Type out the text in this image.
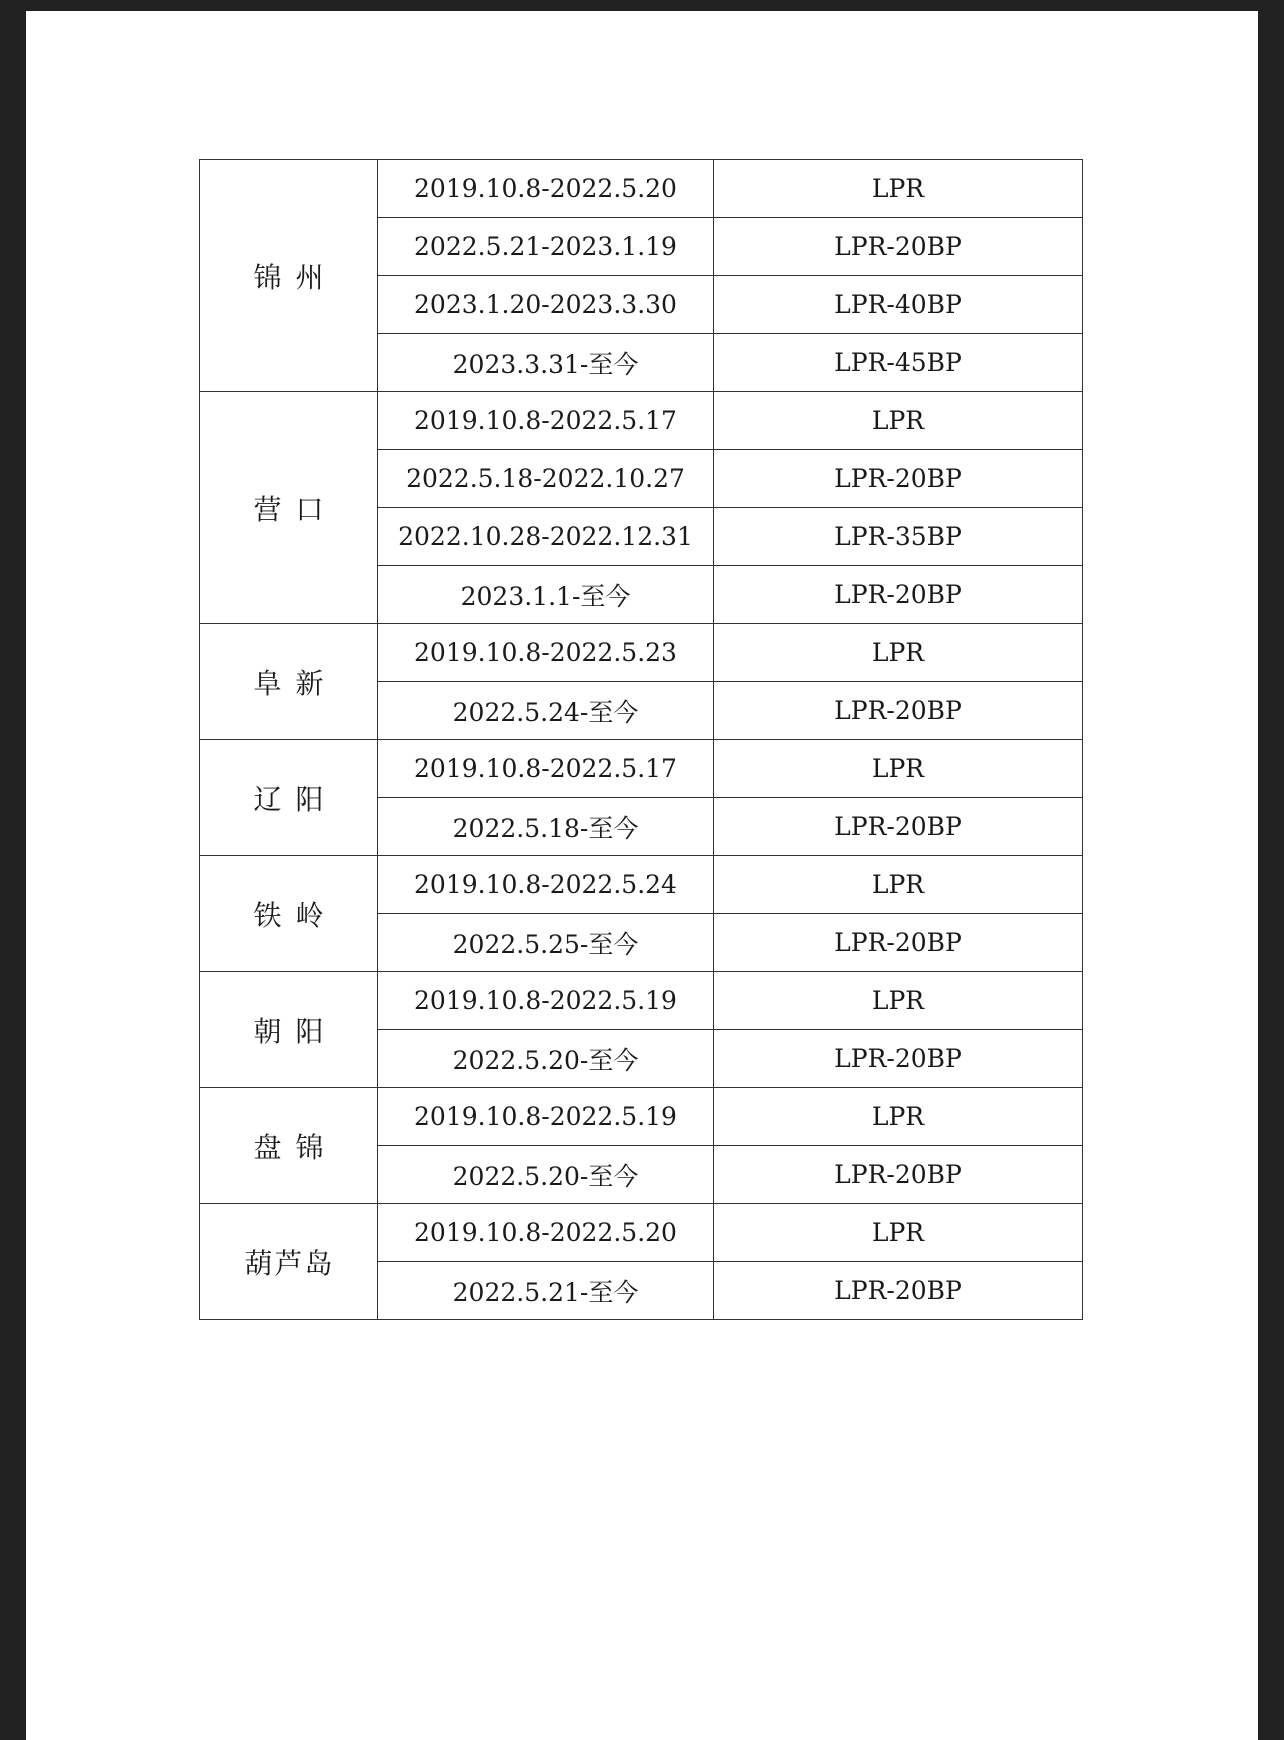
锦州	2019.10.8-2022.5.20	LPR
	2022.5.21-2023.1.19	LPR-20BP
	2023.1.20-2023.3.30	LPR-40BP
	2023.3.31-至今	LPR-45BP
营口	2019.10.8-2022.5.17	LPR
	2022.5.18-2022.10.27	LPR-20BP
	2022.10.28-2022.12.31	LPR-35BP
	2023.1.1-至今	LPR-20BP
阜新	2019.10.8-2022.5.23	LPR
	2022.5.24-至今	LPR-20BP
辽阳	2019.10.8-2022.5.17	LPR
	2022.5.18-至今	LPR-20BP
铁岭	2019.10.8-2022.5.24	LPR
	2022.5.25-至今	LPR-20BP
朝阳	2019.10.8-2022.5.19	LPR
	2022.5.20-至今	LPR-20BP
盘锦	2019.10.8-2022.5.19	LPR
	2022.5.20-至今	LPR-20BP
葫芦岛	2019.10.8-2022.5.20	LPR
	2022.5.21-至今	LPR-20BP
